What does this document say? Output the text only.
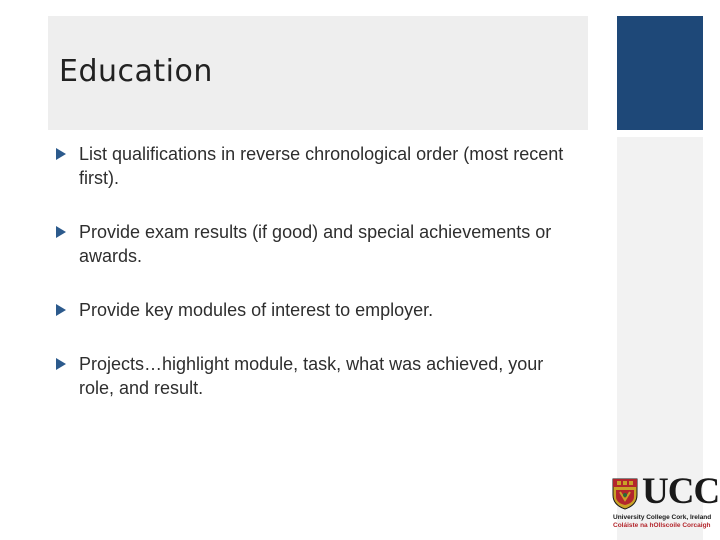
Education
List qualifications in reverse chronological order (most recent first).
Provide exam results (if good) and special achievements or awards.
Provide key modules of interest to employer.
Projects…highlight module, task, what was achieved, your role, and result.
UCC
University College Cork, Ireland
Coláiste na hOllscoile Corcaigh
